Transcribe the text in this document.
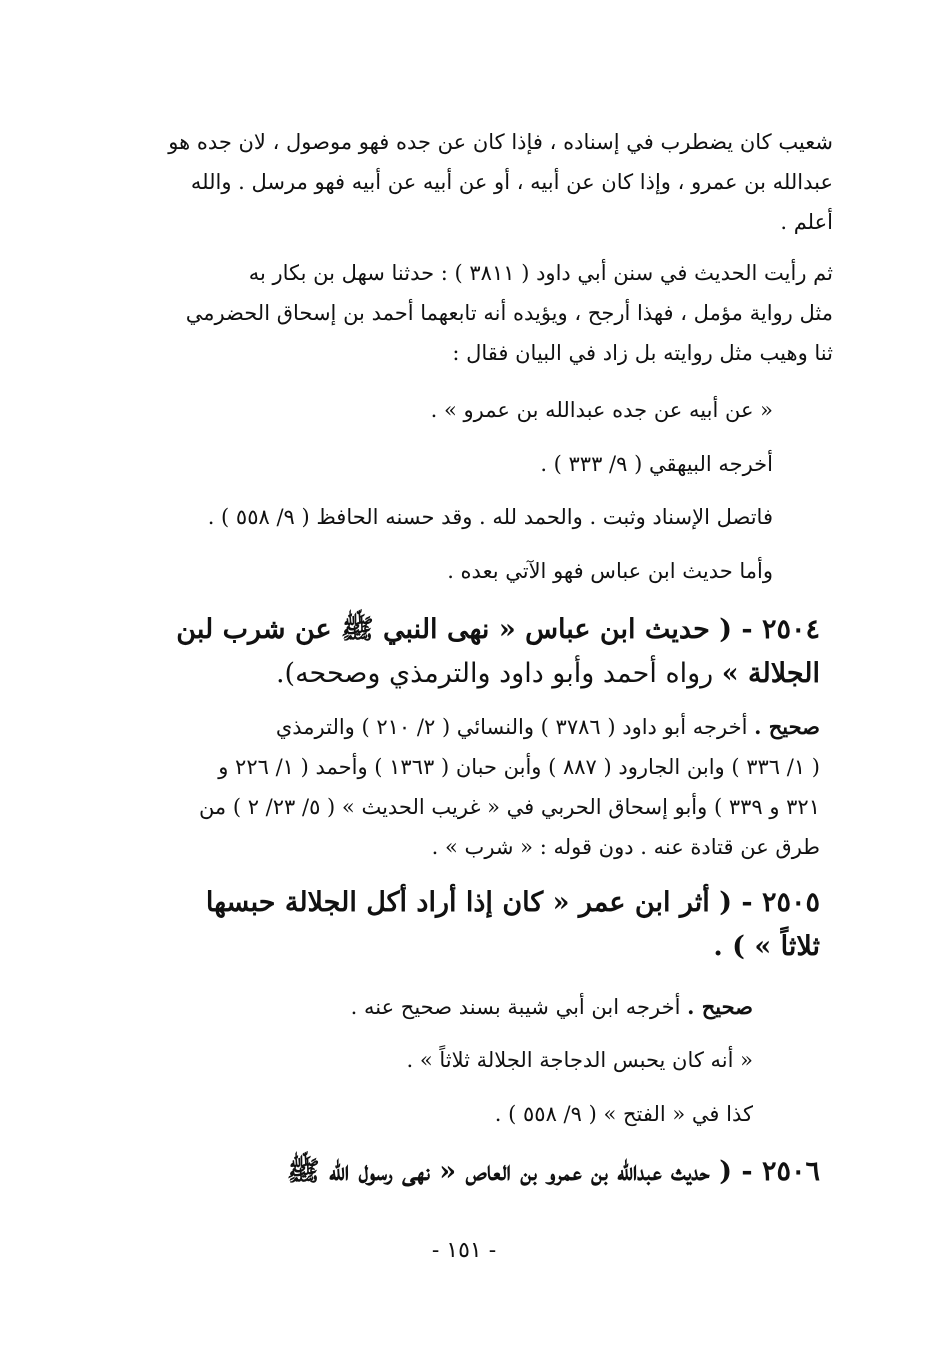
شعيب كان يضطرب في إسناده ، فإذا كان عن جده فهو موصول ، لان جده هو
عبدالله بن عمرو ، وإذا كان عن أبيه ، أو عن أبيه عن أبيه فهو مرسل . والله
أعلم .
ثم رأيت الحديث في سنن أبي داود ( ٣٨١١ ) : حدثنا سهل بن بكار به
مثل رواية مؤمل ، فهذا أرجح ، ويؤيده أنه تابعهما أحمد بن إسحاق الحضرمي
ثنا وهيب مثل روايته بل زاد في البيان فقال :
« عن أبيه عن جده عبدالله بن عمرو » .
أخرجه البيهقي ( ٩/ ٣٣٣ ) .
فاتصل الإسناد وثبت . والحمد لله . وقد حسنه الحافظ ( ٩/ ٥٥٨ ) .
وأما حديث ابن عباس فهو الآتي بعده .
٢٥٠٤ - ( حديث ابن عباس « نهى النبي ﷺ عن شرب لبن
الجلالة » رواه أحمد وأبو داود والترمذي وصححه).
صحيح . أخرجه أبو داود ( ٣٧٨٦ ) والنسائي ( ٢/ ٢١٠ ) والترمذي
( ١/ ٣٣٦ ) وابن الجارود ( ٨٨٧ ) وأبن حبان ( ١٣٦٣ ) وأحمد ( ١/ ٢٢٦ و
٣٢١ و ٣٣٩ ) وأبو إسحاق الحربي في « غريب الحديث » ( ٥/ ٢٣/ ٢ ) من
طرق عن قتادة عنه . دون قوله : « شرب » .
٢٥٠٥ - ( أثر ابن عمر « كان إذا أراد أكل الجلالة حبسها
ثلاثاً » ) .
صحيح . أخرجه ابن أبي شيبة بسند صحيح عنه .
« أنه كان يحبس الدجاجة الجلالة ثلاثاً » .
كذا في « الفتح » ( ٩/ ٥٥٨ ) .
٢٥٠٦ - ( حديث عبدالله بن عمرو بن العاص « نهى رسول الله ﷺ
- ١٥١ -
